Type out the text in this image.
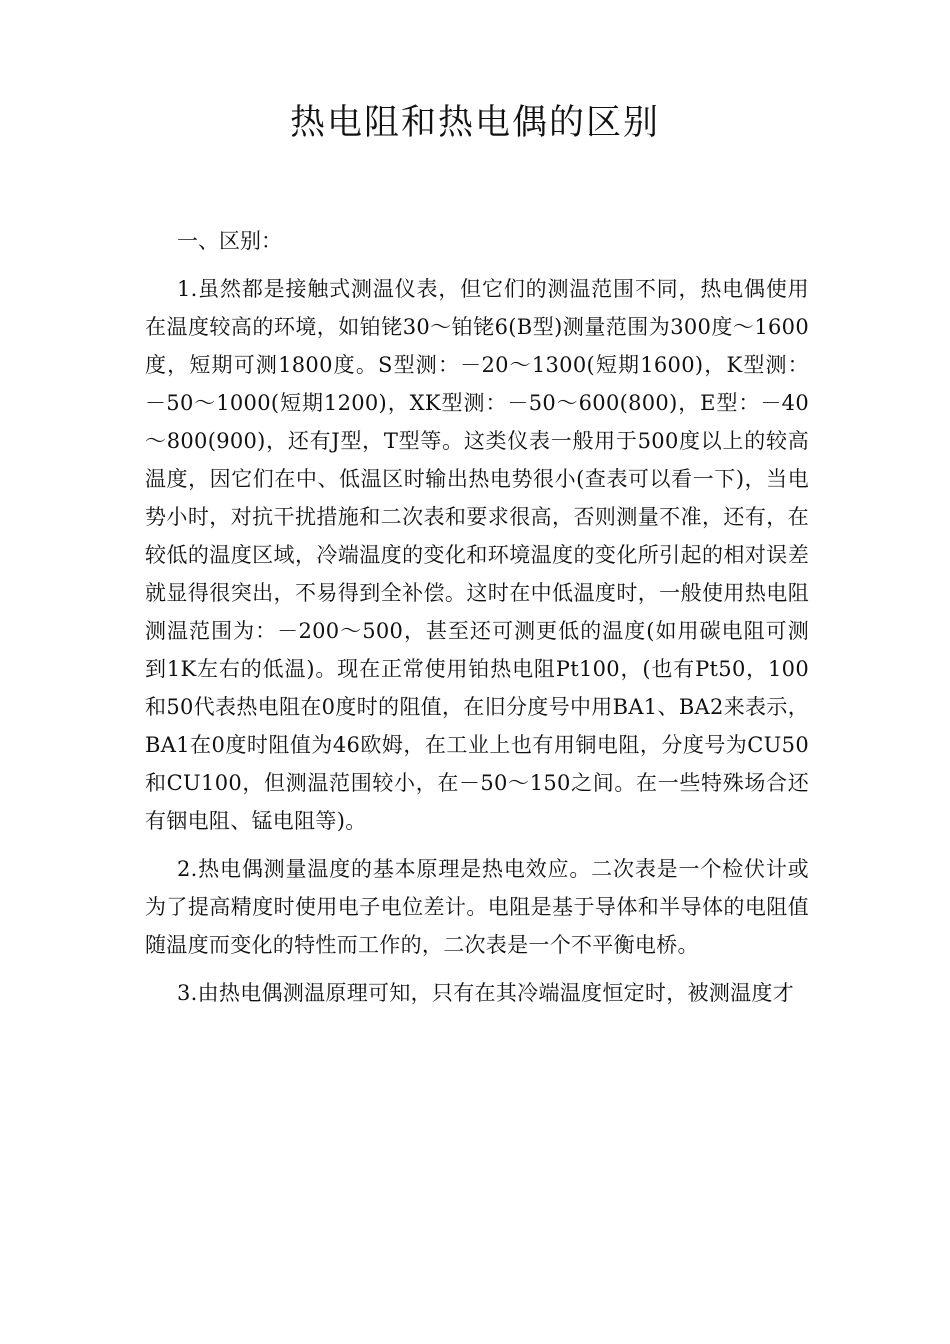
热电阻和热电偶的区别

一、区别：

1.虽然都是接触式测温仪表，但它们的测温范围不同，热电偶使用在温度较高的环境，如铂铑30～铂铑6(B型)测量范围为300度～1600度，短期可测1800度。S型测：－20～1300(短期1600)，K型测：－50～1000(短期1200)，XK型测：－50～600(800)，E型：－40～800(900)，还有J型，T型等。这类仪表一般用于500度以上的较高温度，因它们在中、低温区时输出热电势很小(查表可以看一下)，当电势小时，对抗干扰措施和二次表和要求很高，否则测量不准，还有，在较低的温度区域，冷端温度的变化和环境温度的变化所引起的相对误差就显得很突出，不易得到全补偿。这时在中低温度时，一般使用热电阻测温范围为：－200～500，甚至还可测更低的温度(如用碳电阻可测到1K左右的低温)。现在正常使用铂热电阻Pt100，(也有Pt50，100和50代表热电阻在0度时的阻值，在旧分度号中用BA1、BA2来表示，BA1在0度时阻值为46欧姆，在工业上也有用铜电阻，分度号为CU50和CU100，但测温范围较小，在－50～150之间。在一些特殊场合还有铟电阻、锰电阻等)。

2.热电偶测量温度的基本原理是热电效应。二次表是一个检伏计或为了提高精度时使用电子电位差计。电阻是基于导体和半导体的电阻值随温度而变化的特性而工作的，二次表是一个不平衡电桥。

3.由热电偶测温原理可知，只有在其冷端温度恒定时，被测温度才
